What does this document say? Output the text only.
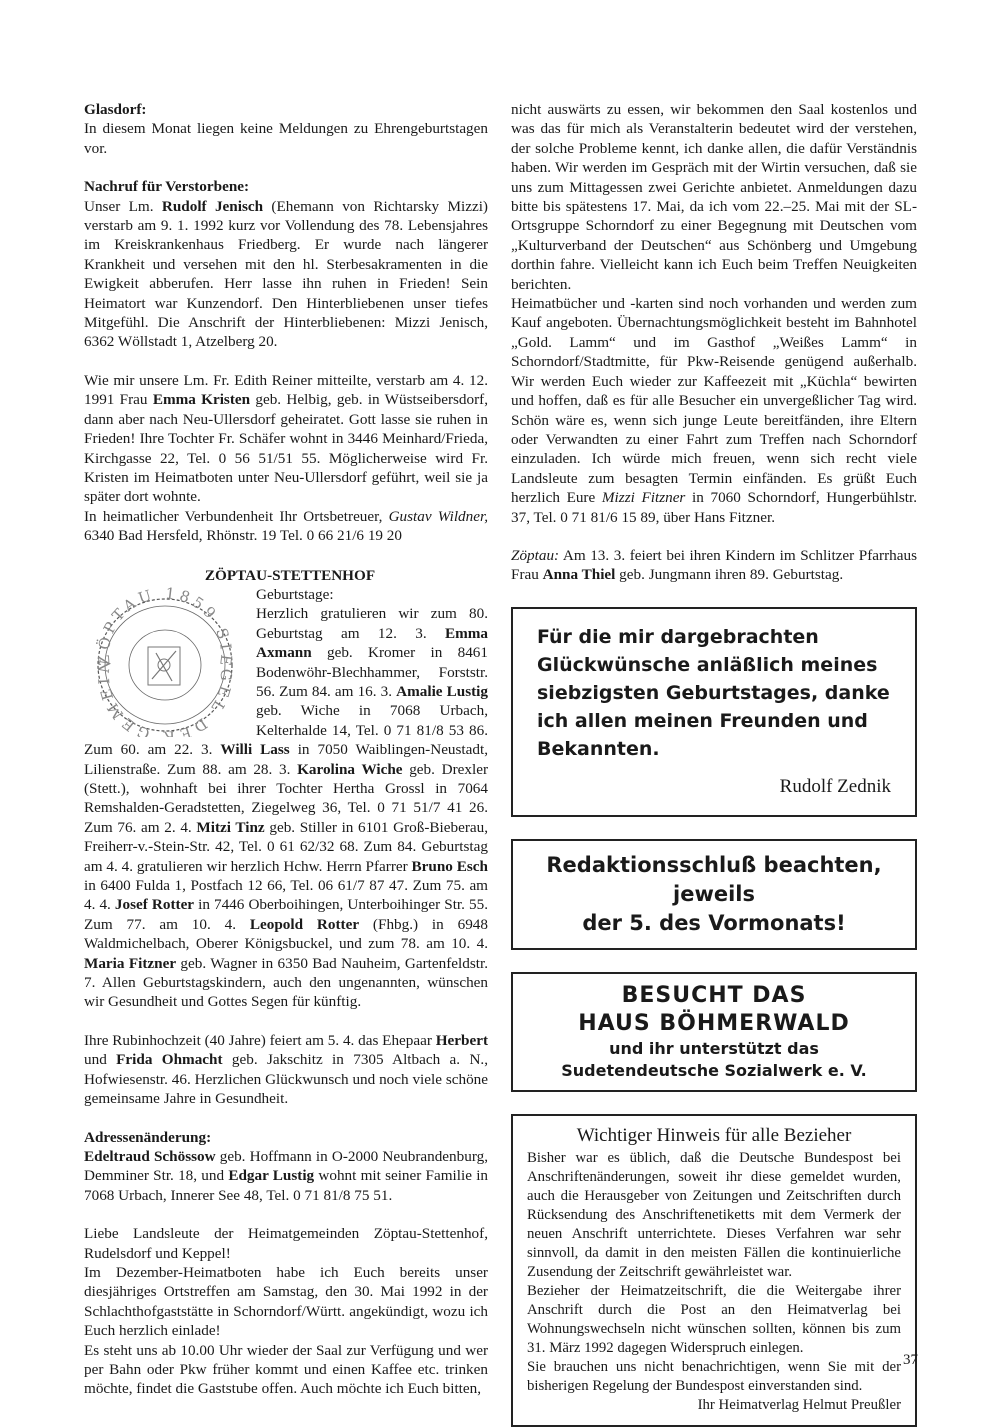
Glasdorf:

In diesem Monat liegen keine Meldungen zu Ehrengeburtstagen vor.

Nachruf für Verstorbene:

Unser Lm. Rudolf Jenisch (Ehemann von Richtarsky Mizzi) verstarb am 9. 1. 1992 kurz vor Vollendung des 78. Lebensjahres im Kreiskrankenhaus Friedberg. Er wurde nach längerer Krankheit und versehen mit den hl. Sterbesakramenten in die Ewigkeit abberufen. Herr lasse ihn ruhen in Frieden! Sein Heimatort war Kunzendorf. Den Hinterbliebenen unser tiefes Mitgefühl. Die Anschrift der Hinterbliebenen: Mizzi Jenisch, 6362 Wöllstadt 1, Atzelberg 20.

Wie mir unsere Lm. Fr. Edith Reiner mitteilte, verstarb am 4. 12. 1991 Frau Emma Kristen geb. Helbig, geb. in Wüstseibersdorf, dann aber nach Neu-Ullersdorf geheiratet. Gott lasse sie ruhen in Frieden! Ihre Tochter Fr. Schäfer wohnt in 3446 Meinhard/Frieda, Kirchgasse 22, Tel. 0 56 51/51 55. Möglicherweise wird Fr. Kristen im Heimatboten unter Neu-Ullersdorf geführt, weil sie ja später dort wohnte.

In heimatlicher Verbundenheit Ihr Ortsbetreuer, Gustav Wildner, 6340 Bad Hersfeld, Rhönstr. 19 Tel. 0 66 21/6 19 20

ZÖPTAU-STETTENHOF
ZÖPTAU 1859 SIEGEL DER GEMEIN

Geburtstage:

Herzlich gratulieren wir zum 80. Geburtstag am 12. 3. Emma Axmann geb. Kromer in 8461 Bodenwöhr-Blechhammer, Forststr. 56. Zum 84. am 16. 3. Amalie Lustig geb. Wiche in 7068 Urbach, Kelterhalde 14, Tel. 0 71 81/8 53 86. Zum 60. am 22. 3. Willi Lass in 7050 Waiblingen-Neustadt, Lilienstraße. Zum 88. am 28. 3. Karolina Wiche geb. Drexler (Stett.), wohnhaft bei ihrer Tochter Hertha Grossl in 7064 Remshalden-Geradstetten, Ziegelweg 36, Tel. 0 71 51/7 41 26. Zum 76. am 2. 4. Mitzi Tinz geb. Stiller in 6101 Groß-Bieberau, Freiherr-v.-Stein-Str. 42, Tel. 0 61 62/32 68. Zum 84. Geburtstag am 4. 4. gratulieren wir herzlich Hchw. Herrn Pfarrer Bruno Esch in 6400 Fulda 1, Postfach 12 66, Tel. 06 61/7 87 47. Zum 75. am 4. 4. Josef Rotter in 7446 Oberboihingen, Unterboihinger Str. 55. Zum 77. am 10. 4. Leopold Rotter (Fhbg.) in 6948 Waldmichelbach, Oberer Königsbuckel, und zum 78. am 10. 4. Maria Fitzner geb. Wagner in 6350 Bad Nauheim, Gartenfeldstr. 7. Allen Geburtstagskindern, auch den ungenannten, wünschen wir Gesundheit und Gottes Segen für künftig.

Ihre Rubinhochzeit (40 Jahre) feiert am 5. 4. das Ehepaar Herbert und Frida Ohmacht geb. Jakschitz in 7305 Altbach a. N., Hofwiesenstr. 46. Herzlichen Glückwunsch und noch viele schöne gemeinsame Jahre in Gesundheit.

Adressenänderung:

Edeltraud Schössow geb. Hoffmann in O-2000 Neubrandenburg, Demminer Str. 18, und Edgar Lustig wohnt mit seiner Familie in 7068 Urbach, Innerer See 48, Tel. 0 71 81/8 75 51.

Liebe Landsleute der Heimatgemeinden Zöptau-Stettenhof, Rudelsdorf und Keppel!

Im Dezember-Heimatboten habe ich Euch bereits unser diesjähriges Ortstreffen am Samstag, den 30. Mai 1992 in der Schlachthofgaststätte in Schorndorf/Württ. angekündigt, wozu ich Euch herzlich einlade!

Es steht uns ab 10.00 Uhr wieder der Saal zur Verfügung und wer per Bahn oder Pkw früher kommt und einen Kaffee etc. trinken möchte, findet die Gaststube offen. Auch möchte ich Euch bitten,

nicht auswärts zu essen, wir bekommen den Saal kostenlos und was das für mich als Veranstalterin bedeutet wird der verstehen, der solche Probleme kennt, ich danke allen, die dafür Verständnis haben. Wir werden im Gespräch mit der Wirtin versuchen, daß sie uns zum Mittagessen zwei Gerichte anbietet. Anmeldungen dazu bitte bis spätestens 17. Mai, da ich vom 22.–25. Mai mit der SL-Ortsgruppe Schorndorf zu einer Begegnung mit Deutschen vom „Kulturverband der Deutschen“ aus Schönberg und Umgebung dorthin fahre. Vielleicht kann ich Euch beim Treffen Neuigkeiten berichten.

Heimatbücher und -karten sind noch vorhanden und werden zum Kauf angeboten. Übernachtungsmöglichkeit besteht im Bahnhotel „Gold. Lamm“ und im Gasthof „Weißes Lamm“ in Schorndorf/Stadtmitte, für Pkw-Reisende genügend außerhalb. Wir werden Euch wieder zur Kaffeezeit mit „Küchla“ bewirten und hoffen, daß es für alle Besucher ein unvergeßlicher Tag wird. Schön wäre es, wenn sich junge Leute bereitfänden, ihre Eltern oder Verwandten zu einer Fahrt zum Treffen nach Schorndorf einzuladen. Ich würde mich freuen, wenn sich recht viele Landsleute zum besagten Termin einfänden. Es grüßt Euch herzlich Eure Mizzi Fitzner in 7060 Schorndorf, Hungerbühlstr. 37, Tel. 0 71 81/6 15 89, über Hans Fitzner.

Zöptau: Am 13. 3. feiert bei ihren Kindern im Schlitzer Pfarrhaus Frau Anna Thiel geb. Jungmann ihren 89. Geburtstag.

Für die mir dargebrachten Glückwünsche anläßlich meines siebzigsten Geburtstages, danke ich allen meinen Freunden und Bekannten.
Rudolf Zednik
Redaktionsschluß beachten,
jeweils
der 5. des Vormonats!
BESUCHT DAS
HAUS BÖHMERWALD
und ihr unterstützt das
Sudetendeutsche Sozialwerk e. V.
Wichtiger Hinweis für alle Bezieher

Bisher war es üblich, daß die Deutsche Bundespost bei Anschriftenänderungen, soweit ihr diese gemeldet wurden, auch die Herausgeber von Zeitungen und Zeitschriften durch Rücksendung des Anschriftenetiketts mit dem Vermerk der neuen Anschrift unterrichtete. Dieses Verfahren war sehr sinnvoll, da damit in den meisten Fällen die kontinuierliche Zusendung der Zeitschrift gewährleistet war.

Bezieher der Heimatzeitschrift, die die Weitergabe ihrer Anschrift durch die Post an den Heimatverlag bei Wohnungswechseln nicht wünschen sollten, können bis zum 31. März 1992 dagegen Widerspruch einlegen.

Sie brauchen uns nicht benachrichtigen, wenn Sie mit der bisherigen Regelung der Bundespost einverstanden sind.

Ihr Heimatverlag Helmut Preußler

37
